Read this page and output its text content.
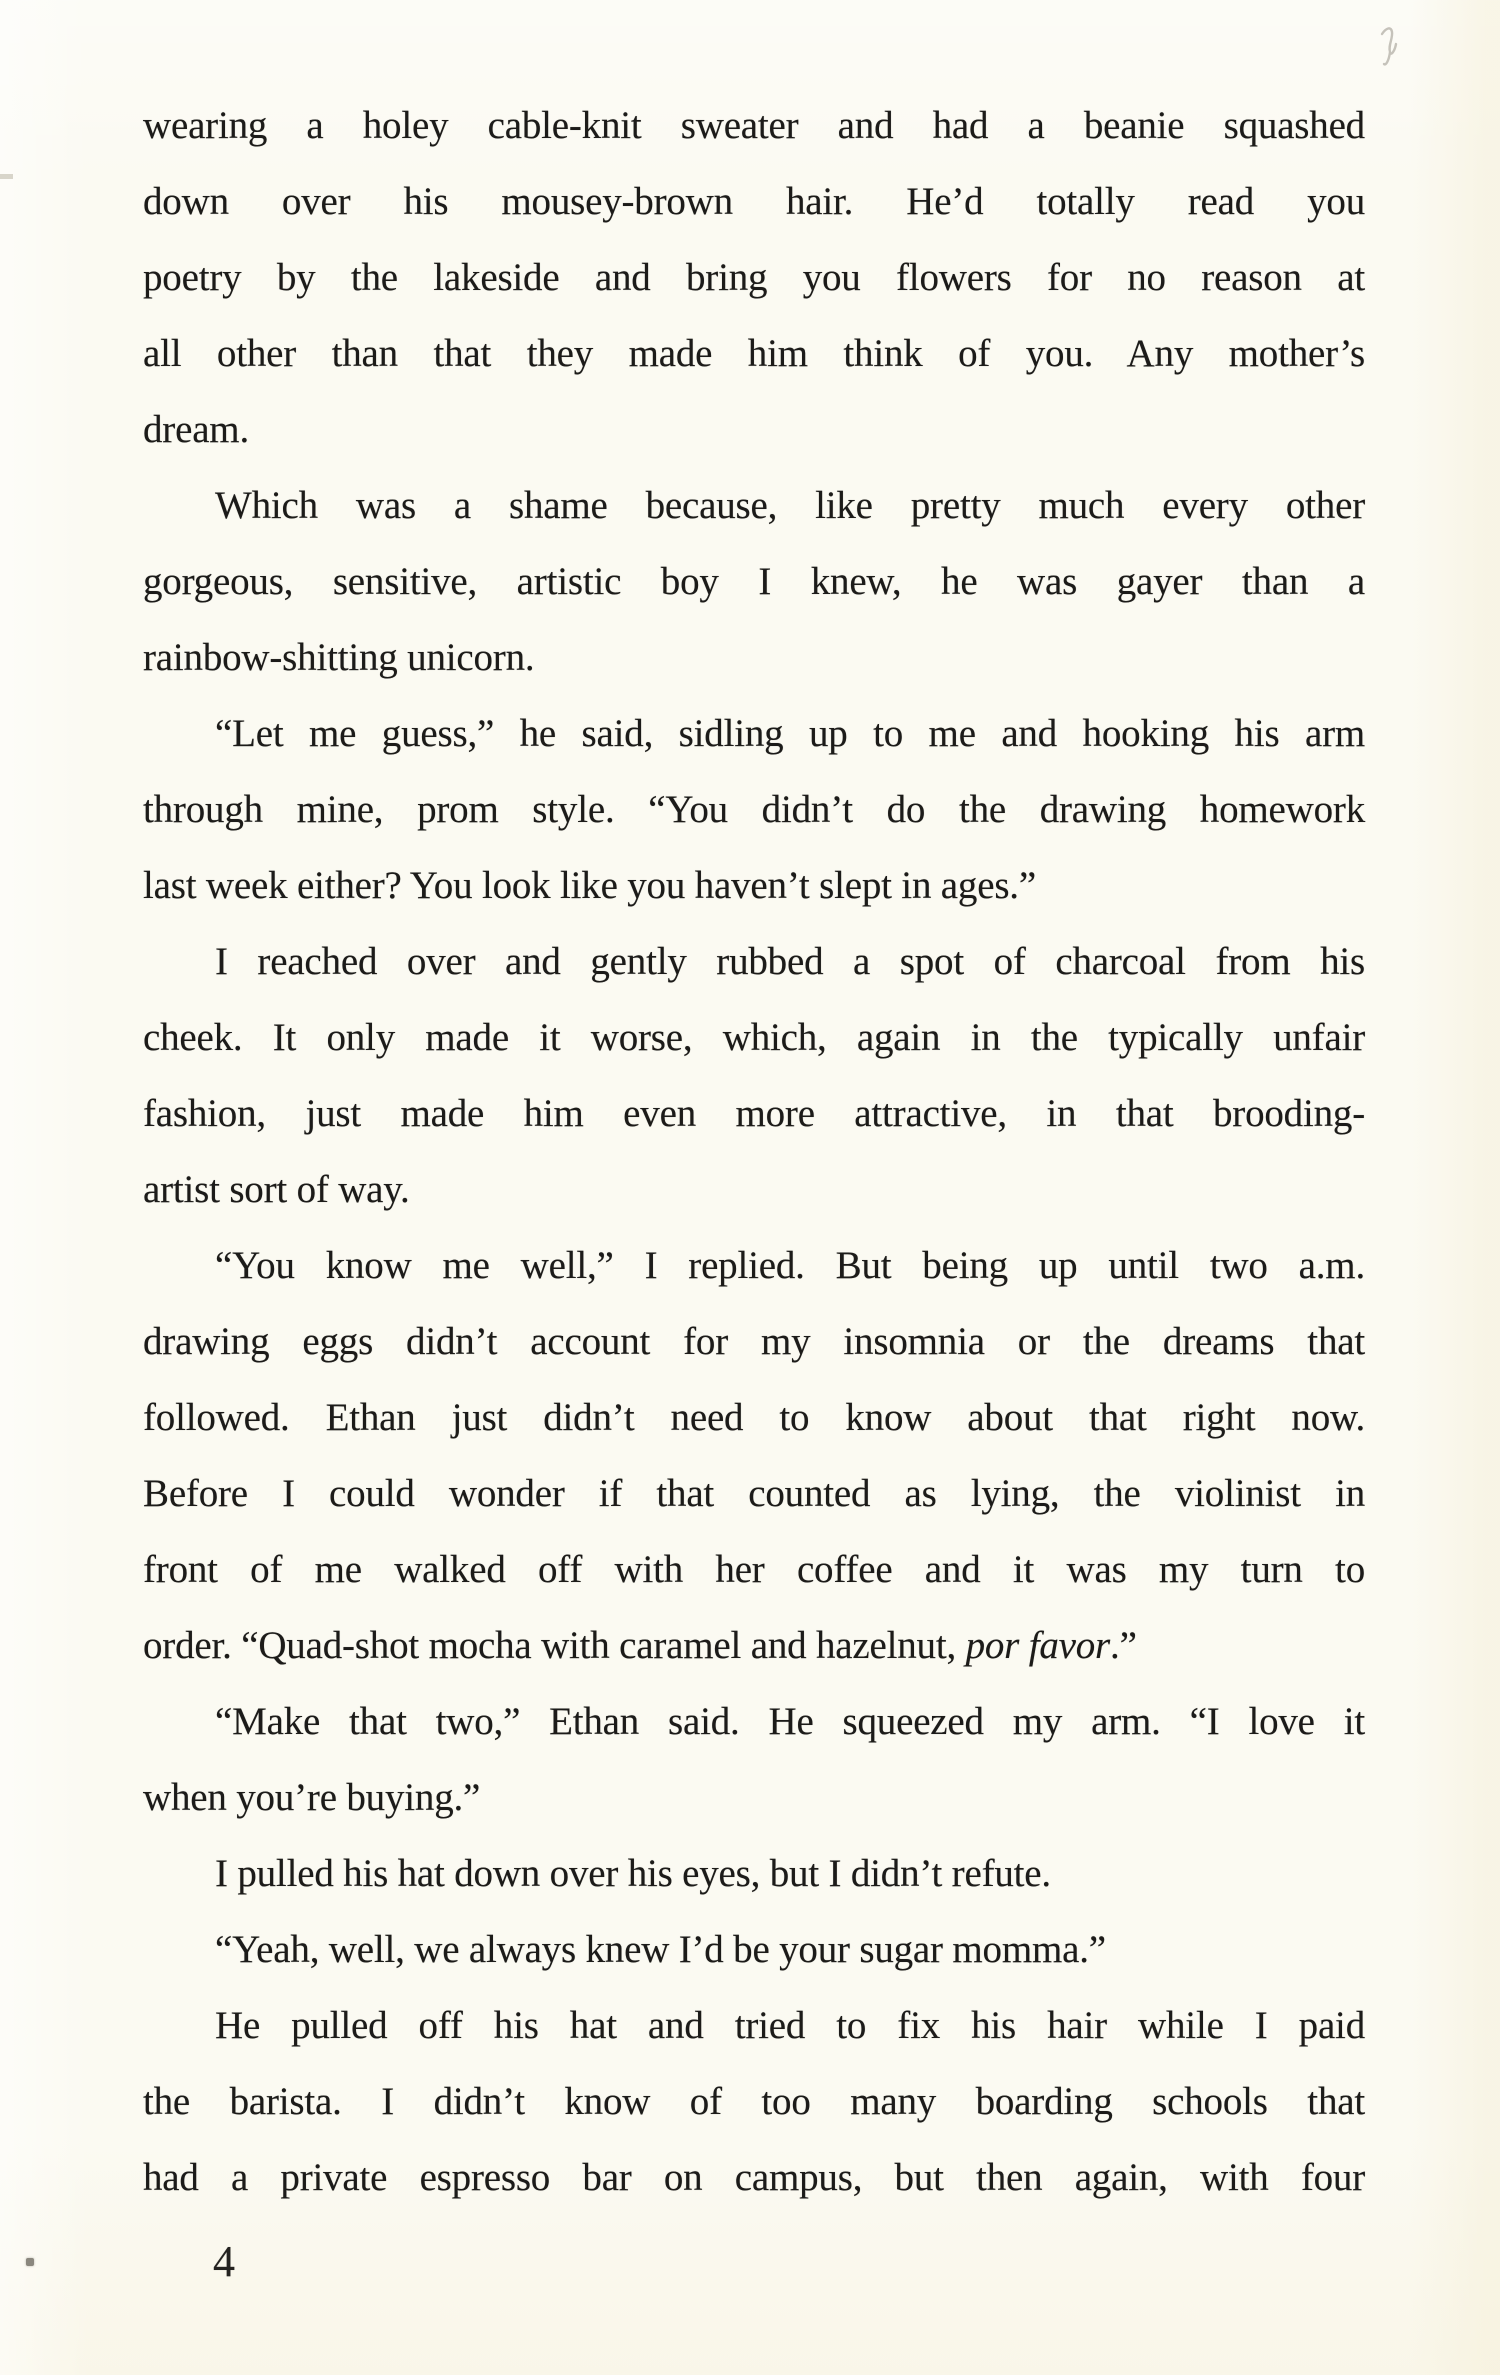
wearing a holey cable-knit sweater and had a beanie squashed
down over his mousey-brown hair. He’d totally read you
poetry by the lakeside and bring you flowers for no reason at
all other than that they made him think of you. Any mother’s
dream.
Which was a shame because, like pretty much every other
gorgeous, sensitive, artistic boy I knew, he was gayer than a
rainbow-shitting unicorn.
“Let me guess,” he said, sidling up to me and hooking his arm
through mine, prom style. “You didn’t do the drawing homework
last week either? You look like you haven’t slept in ages.”
I reached over and gently rubbed a spot of charcoal from his
cheek. It only made it worse, which, again in the typically unfair
fashion, just made him even more attractive, in that brooding-
artist sort of way.
“You know me well,” I replied. But being up until two a.m.
drawing eggs didn’t account for my insomnia or the dreams that
followed. Ethan just didn’t need to know about that right now.
Before I could wonder if that counted as lying, the violinist in
front of me walked off with her coffee and it was my turn to
order. “Quad-shot mocha with caramel and hazelnut, por favor.”
“Make that two,” Ethan said. He squeezed my arm. “I love it
when you’re buying.”
I pulled his hat down over his eyes, but I didn’t refute.
“Yeah, well, we always knew I’d be your sugar momma.”
He pulled off his hat and tried to fix his hair while I paid
the barista. I didn’t know of too many boarding schools that
had a private espresso bar on campus, but then again, with four
4
